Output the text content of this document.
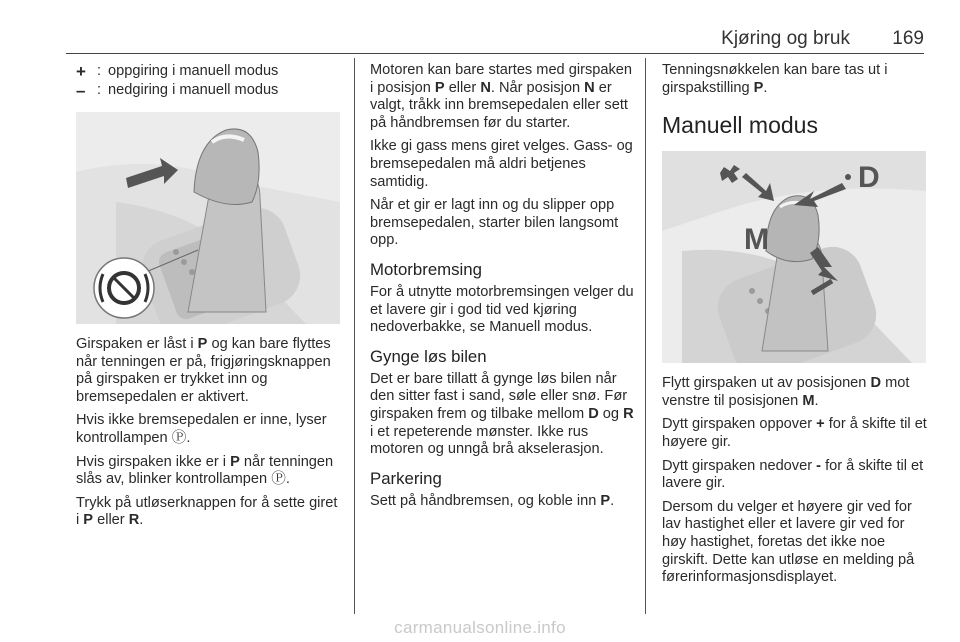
Kjøring og bruk 169
+ : oppgiring i manuell modus
– : nedgiring i manuell modus

Girspaken er låst i P og kan bare flyttes når tenningen er på, frigjøringsknappen på girspaken er trykket inn og bremsepedalen er aktivert.

Hvis ikke bremsepedalen er inne, lyser kontrollampen Ⓟ.

Hvis girspaken ikke er i P når tenningen slås av, blinker kontrollampen Ⓟ.

Trykk på utløserknappen for å sette giret i P eller R.

Motoren kan bare startes med girspaken i posisjon P eller N. Når posisjon N er valgt, tråkk inn bremsepedalen eller sett på håndbremsen før du starter.

Ikke gi gass mens giret velges. Gass- og bremsepedalen må aldri betjenes samtidig.

Når et gir er lagt inn og du slipper opp bremsepedalen, starter bilen langsomt opp.

Motorbremsing

For å utnytte motorbremsingen velger du et lavere gir i god tid ved kjøring nedoverbakke, se Manuell modus.

Gynge løs bilen

Det er bare tillatt å gynge løs bilen når den sitter fast i sand, søle eller snø. Før girspaken frem og tilbake mellom D og R i et repeterende mønster. Ikke rus motoren og unngå brå akselerasjon.

Parkering

Sett på håndbremsen, og koble inn P.

Tenningsnøkkelen kan bare tas ut i girspakstilling P.

Manuell modus
M
D

Flytt girspaken ut av posisjonen D mot venstre til posisjonen M.

Dytt girspaken oppover + for å skifte til et høyere gir.

Dytt girspaken nedover - for å skifte til et lavere gir.

Dersom du velger et høyere gir ved for lav hastighet eller et lavere gir ved for høy hastighet, foretas det ikke noe girskift. Dette kan utløse en melding på førerinformasjonsdisplayet.

carmanualsonline.info
